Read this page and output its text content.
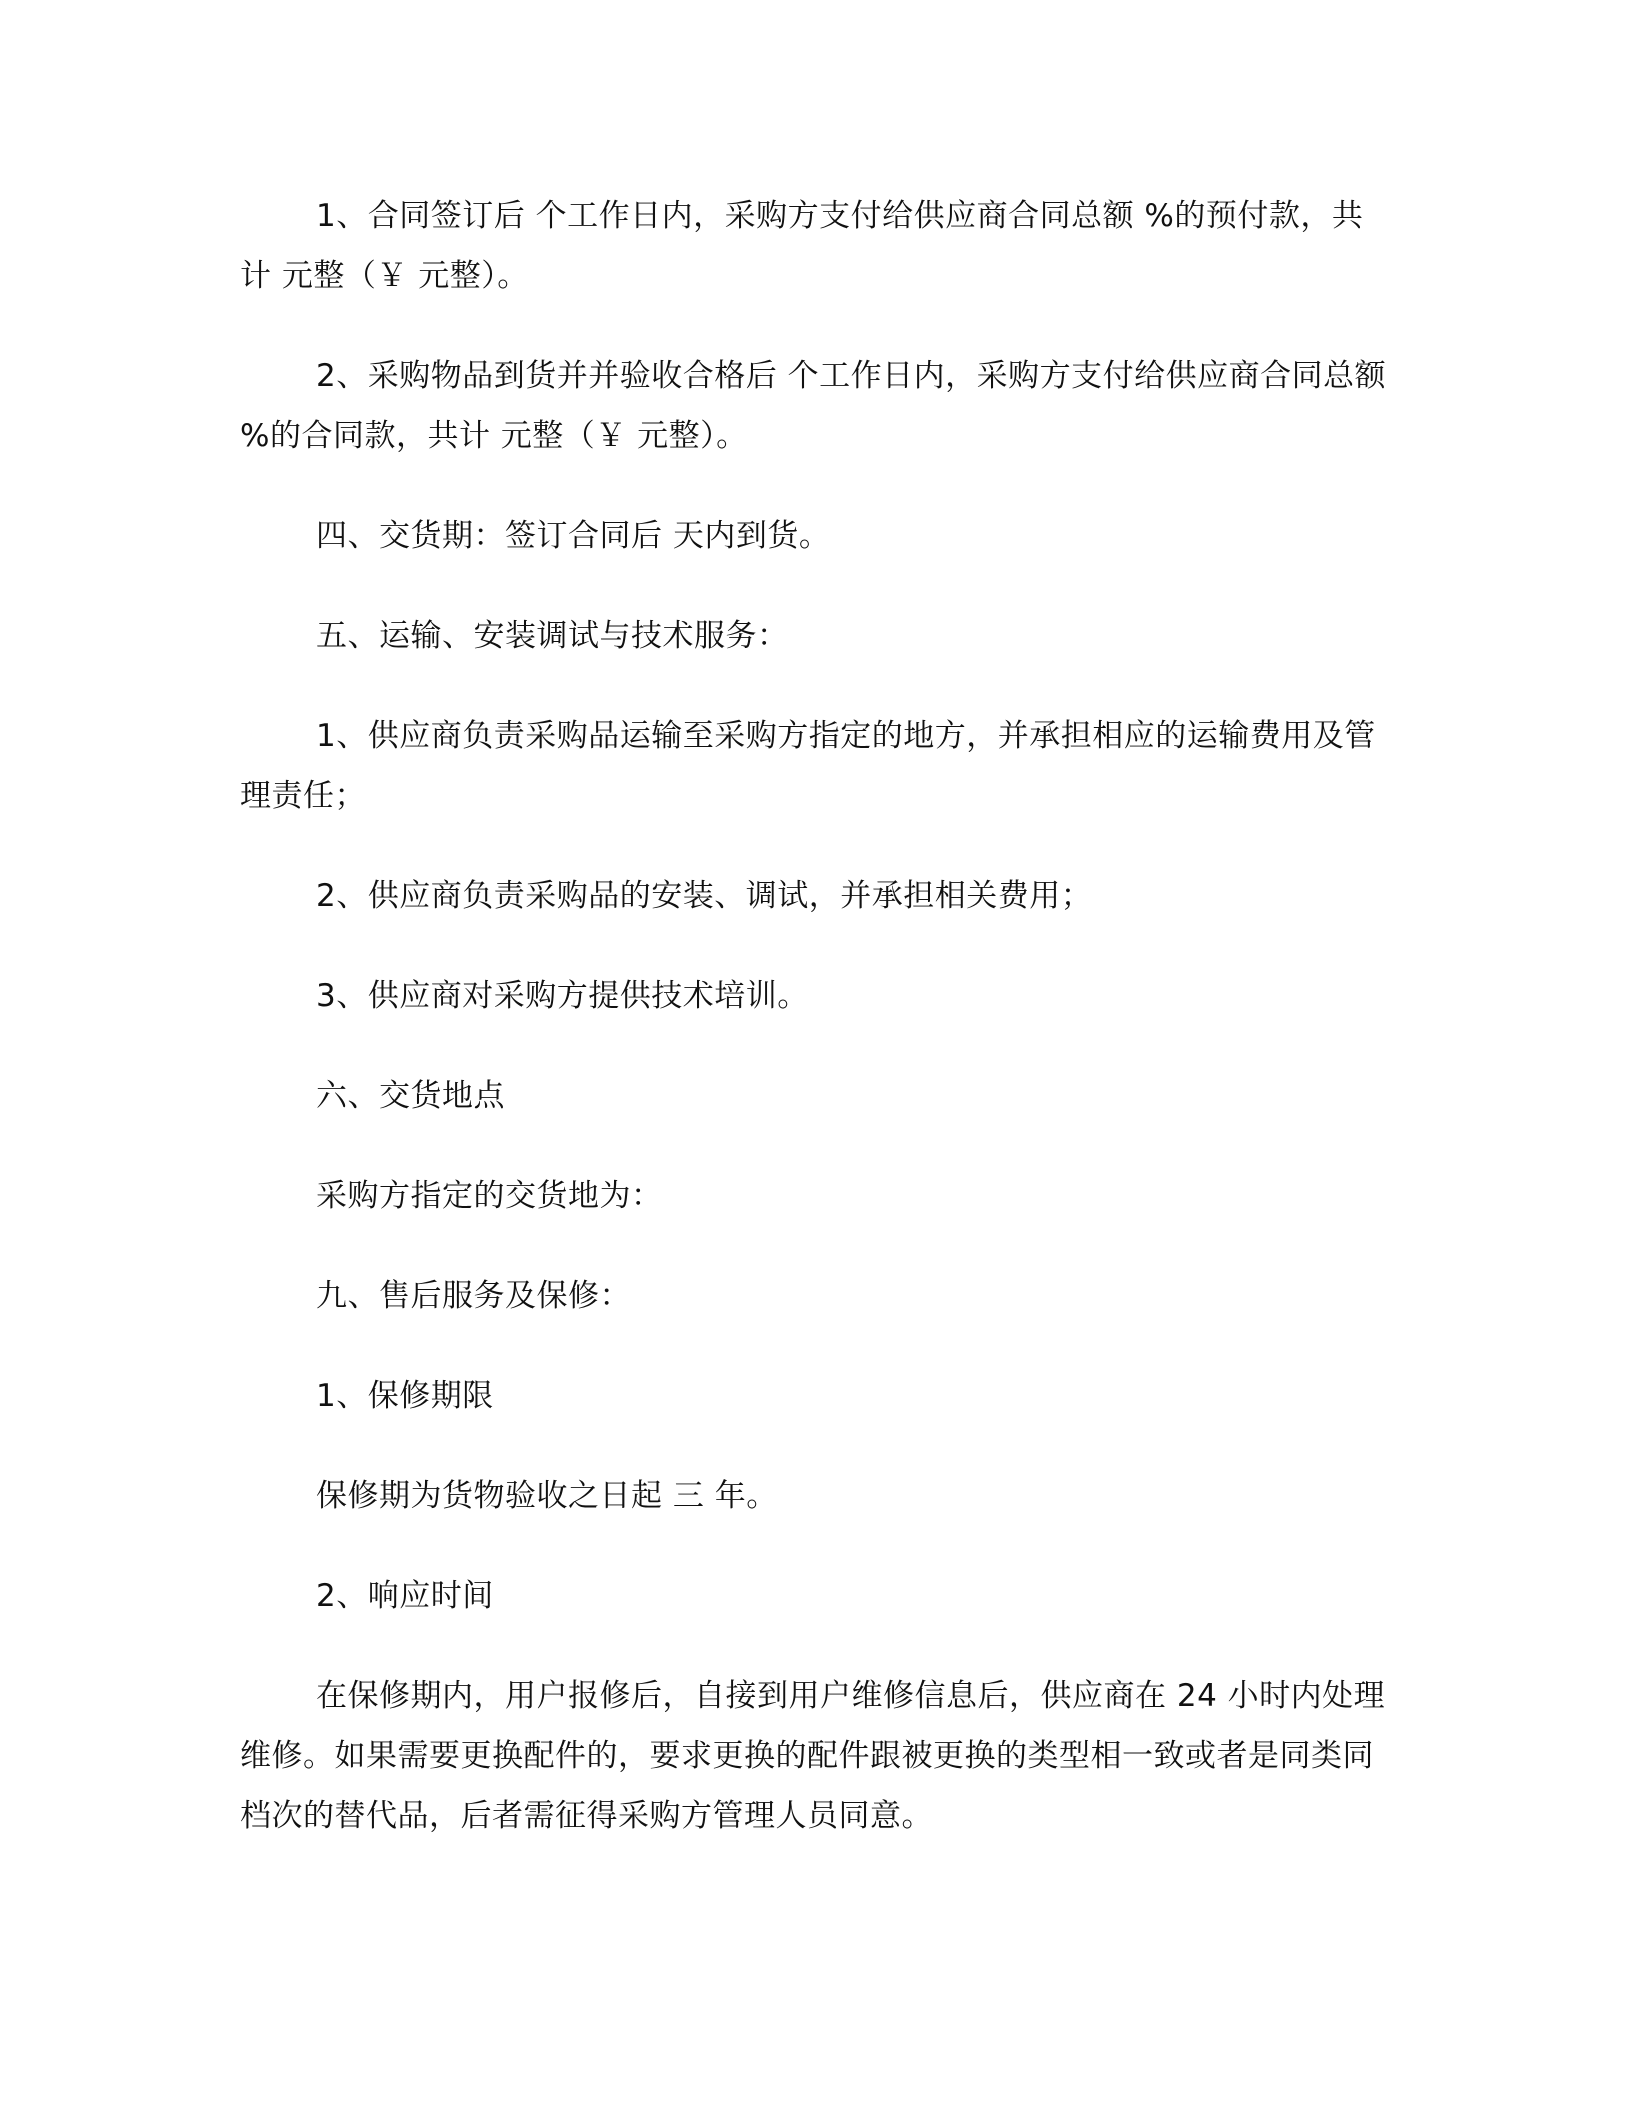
1、合同签订后 个工作日内，采购方支付给供应商合同总额 %的预付款，共计 元整（￥ 元整）。

2、采购物品到货并并验收合格后 个工作日内，采购方支付给供应商合同总额 %的合同款，共计 元整（￥ 元整）。

四、交货期：签订合同后 天内到货。

五、运输、安装调试与技术服务：

1、供应商负责采购品运输至采购方指定的地方，并承担相应的运输费用及管理责任；

2、供应商负责采购品的安装、调试，并承担相关费用；

3、供应商对采购方提供技术培训。

六、交货地点

采购方指定的交货地为：

九、售后服务及保修：

1、保修期限

保修期为货物验收之日起 三 年。

2、响应时间

在保修期内，用户报修后，自接到用户维修信息后，供应商在 24 小时内处理维修。如果需要更换配件的，要求更换的配件跟被更换的类型相一致或者是同类同档次的替代品，后者需征得采购方管理人员同意。
